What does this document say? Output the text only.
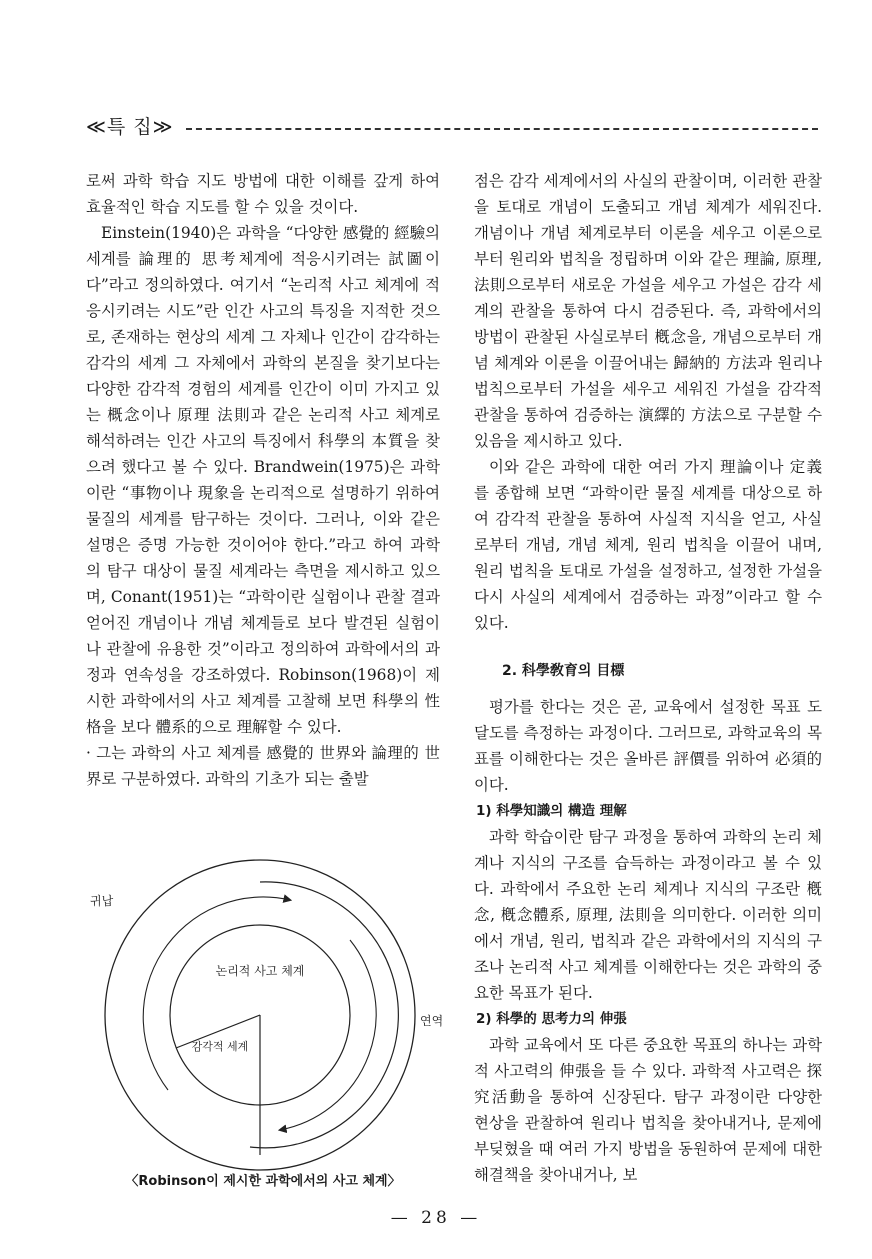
≪특 집≫

로써 과학 학습 지도 방법에 대한 이해를 갚게 하여 효율적인 학습 지도를 할 수 있을 것이다.

Einstein(1940)은 과학을 “다양한 感覺的 經驗의 세계를 論理的 思考체계에 적응시키려는 試圖이다”라고 정의하였다. 여기서 “논리적 사고 체계에 적응시키려는 시도”란 인간 사고의 특징을 지적한 것으로, 존재하는 현상의 세계 그 자체나 인간이 감각하는 감각의 세계 그 자체에서 과학의 본질을 찾기보다는 다양한 감각적 경험의 세계를 인간이 이미 가지고 있는 概念이나 原理 法則과 같은 논리적 사고 체계로 해석하려는 인간 사고의 특징에서 科學의 本質을 찾으려 했다고 볼 수 있다. Brandwein(1975)은 과학이란 “事物이나 現象을 논리적으로 설명하기 위하여 물질의 세계를 탐구하는 것이다. 그러나, 이와 같은 설명은 증명 가능한 것이어야 한다.”라고 하여 과학의 탐구 대상이 물질 세계라는 측면을 제시하고 있으며, Conant(1951)는 “과학이란 실험이나 관찰 결과 얻어진 개념이나 개념 체계들로 보다 발견된 실험이나 관찰에 유용한 것”이라고 정의하여 과학에서의 과정과 연속성을 강조하였다. Robinson(1968)이 제시한 과학에서의 사고 체계를 고찰해 보면 科學의 性格을 보다 體系的으로 理解할 수 있다.

· 그는 과학의 사고 체계를 感覺的 世界와 論理的 世界로 구분하였다. 과학의 기초가 되는 출발

논리적 사고 체계
감각적 세계
귀납
연역
〈Robinson이 제시한 과학에서의 사고 체계〉

점은 감각 세계에서의 사실의 관찰이며, 이러한 관찰을 토대로 개념이 도출되고 개념 체계가 세워진다. 개념이나 개념 체계로부터 이론을 세우고 이론으로부터 원리와 법칙을 정립하며 이와 같은 理論, 原理, 法則으로부터 새로운 가설을 세우고 가설은 감각 세계의 관찰을 통하여 다시 검증된다. 즉, 과학에서의 방법이 관찰된 사실로부터 槪念을, 개념으로부터 개념 체계와 이론을 이끌어내는 歸納的 方法과 원리나 법칙으로부터 가설을 세우고 세워진 가설을 감각적 관찰을 통하여 검증하는 演繹的 方法으로 구분할 수 있음을 제시하고 있다.

이와 같은 과학에 대한 여러 가지 理論이나 定義를 종합해 보면 “과학이란 물질 세계를 대상으로 하여 감각적 관찰을 통하여 사실적 지식을 얻고, 사실로부터 개념, 개념 체계, 원리 법칙을 이끌어 내며, 원리 법칙을 토대로 가설을 설정하고, 설정한 가설을 다시 사실의 세계에서 검증하는 과정”이라고 할 수 있다.

2. 科學敎育의 目標

평가를 한다는 것은 곧, 교육에서 설정한 목표 도달도를 측정하는 과정이다. 그러므로, 과학교육의 목표를 이해한다는 것은 올바른 評價를 위하여 必須的이다.

1) 科學知識의 構造 理解

과학 학습이란 탐구 과정을 통하여 과학의 논리 체계나 지식의 구조를 습득하는 과정이라고 볼 수 있다. 과학에서 주요한 논리 체계나 지식의 구조란 槪念, 槪念體系, 原理, 法則을 의미한다. 이러한 의미에서 개념, 원리, 법칙과 같은 과학에서의 지식의 구조나 논리적 사고 체계를 이해한다는 것은 과학의 중요한 목표가 된다.

2) 科學的 思考力의 伸張

과학 교육에서 또 다른 중요한 목표의 하나는 과학적 사고력의 伸張을 들 수 있다. 과학적 사고력은 探究活動을 통하여 신장된다. 탐구 과정이란 다양한 현상을 관찰하여 원리나 법칙을 찾아내거나, 문제에 부딪혔을 때 여러 가지 방법을 동원하여 문제에 대한 해결책을 찾아내거나, 보

— 28 —
